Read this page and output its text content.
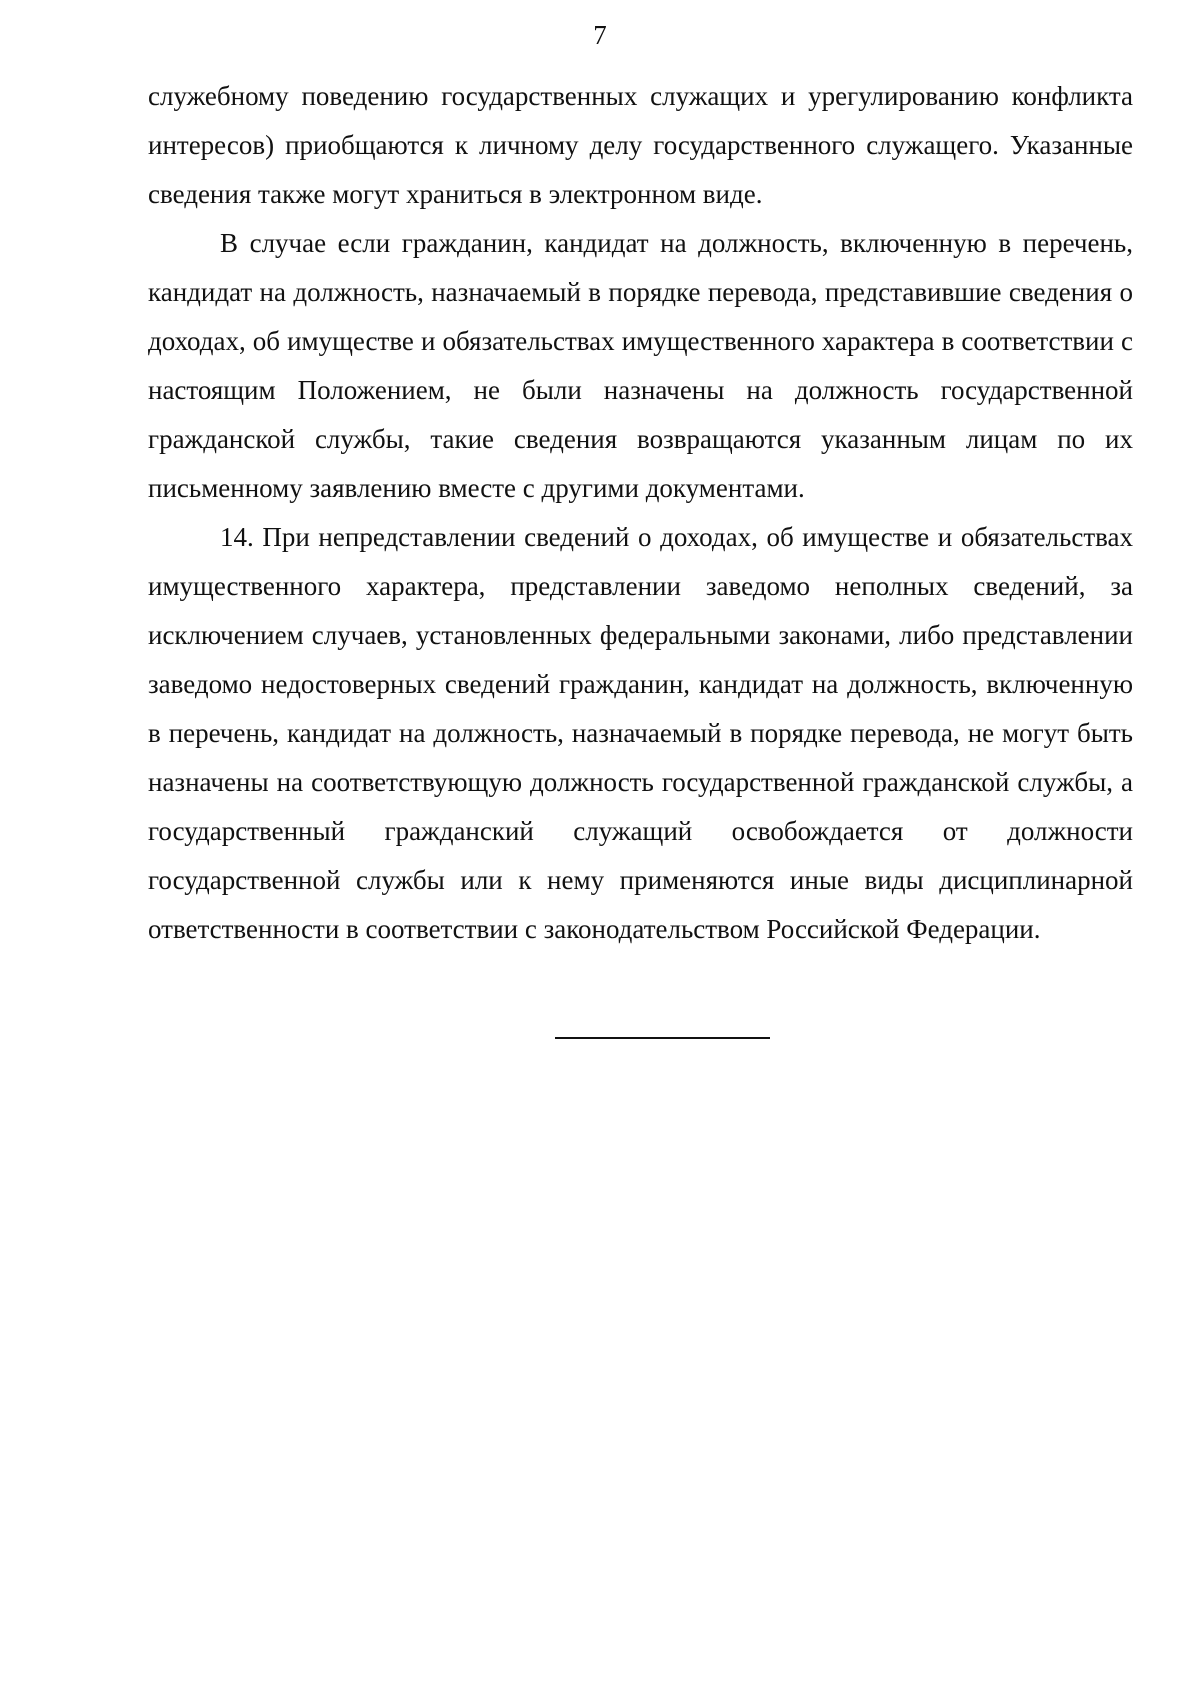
7

служебному поведению государственных служащих и урегулированию конфликта интересов) приобщаются к личному делу государственного служащего. Указанные сведения также могут храниться в электронном виде.

В случае если гражданин, кандидат на должность, включенную в перечень, кандидат на должность, назначаемый в порядке перевода, представившие сведения о доходах, об имуществе и обязательствах имущественного характера в соответствии с настоящим Положением, не были назначены на должность государственной гражданской службы, такие сведения возвращаются указанным лицам по их письменному заявлению вместе с другими документами.

14. При непредставлении сведений о доходах, об имуществе и обязательствах имущественного характера, представлении заведомо неполных сведений, за исключением случаев, установленных федеральными законами, либо представлении заведомо недостоверных сведений гражданин, кандидат на должность, включенную в перечень, кандидат на должность, назначаемый в порядке перевода, не могут быть назначены на соответствующую должность государственной гражданской службы, а государственный гражданский служащий освобождается от должности государственной службы или к нему применяются иные виды дисциплинарной ответственности в соответствии с законодательством Российской Федерации.
